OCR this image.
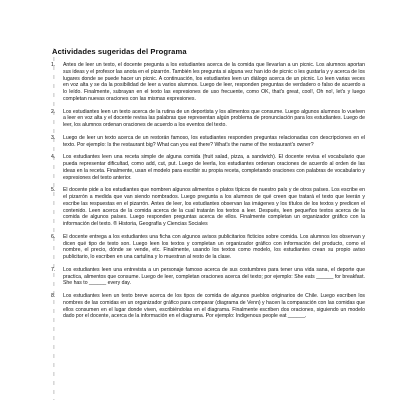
Actividades sugeridas del Programa
1. Antes de leer un texto, el docente pregunta a los estudiantes acerca de la comida que llevarían a un picnic. Los alumnos aportan sus ideas y el profesor las anota en el pizarrón. También les pregunta si alguna vez han ido de picnic o les gustaría y y acerca de los lugares donde se puede hacer un picnic. A continuación, los estudiantes leen un diálogo acerca de un picnic. Lo leen varias veces en voz alta y se da la posibilidad de leer a varios alumnos. Luego de leer, responden preguntas de verdadero o falso de acuerdo a lo leído. Finalmente, subrayan en el texto las expresiones de uso frecuente, como OK, that's great, cool!, Oh no!, let's y luego completan nuevas oraciones con las mismas expresiones.
2. Los estudiantes leen un texto acerca de la rutina de un deportista y los alimentos que consume. Luego algunos alumnos lo vuelven a leer en voz alta y el docente revisa las palabras que representan algún problema de pronunciación para los estudiantes. Luego de leer, los alumnos ordenan oraciones de acuerdo a los eventos del texto.
3. Luego de leer un texto acerca de un restorán famoso, los estudiantes responden preguntas relacionadas con descripciones en el texto. Por ejemplo: Is the restaurant big? What can you eat there? What's the name of the restaurant's owner?
4. Los estudiantes leen una receta simple de alguna comida (fruit salad, pizza, a sandwich). El docente revisa el vocabulario que pueda representar dificultad, como add, cut, put. Luego de leerla, los estudiantes ordenan oraciones de acuerdo al orden de las ideas en la receta. Finalmente, usan el modelo para escribir su propia receta, completando oraciones con palabras de vocabulario y expresiones del texto anterior.
5. El docente pide a los estudiantes que nombren algunos alimentos o platos típicos de nuestro país y de otros países. Los escribe en el pizarrón a medida que van siendo nombrados. Luego pregunta a los alumnos de qué creen que tratará el texto que leerán y escribe las respuestas en el pizarrón. Antes de leer, los estudiantes observan las imágenes y los títulos de los textos y predicen el contenido. Leen acerca de la comida acerca de la cual tratarán los textos a leer. Después, leen pequeños textos acerca de la comida de algunos países. Luego responden preguntas acerca de ellos. Finalmente completan un organizador gráfico con la información del texto. ® Historia, Geografía y Ciencias Sociales
6. El docente entrega a los estudiantes una ficha con algunos avisos publicitarios ficticios sobre comida. Los alumnos los observan y dicen qué tipo de texto son. Luego leen los textos y completan un organizador gráfico con información del producto, como el nombre, el precio, dónde se vende, etc. Finalmente, usando los textos como modelo, los estudiantes crean su propio aviso publicitario, lo escriben en una cartulina y lo muestran al resto de la clase.
7. Los estudiantes leen una entrevista a un personaje famoso acerca de sus costumbres para tener una vida sana, el deporte que practica, alimentos que consume. Luego de leer, completan oraciones acerca del texto; por ejemplo: She eats ______ for breakfast. She has to ______ every day.
8. Los estudiantes leen un texto breve acerca de los tipos de comida de algunos pueblos originarios de Chile. Luego escriben los nombres de las comidas en un organizador gráfico para comparar (diagrama de Venn) y hacen la comparación con las comidas que ellos consumen en el lugar donde viven, escribiéndolas en el diagrama. Finalmente escriben dos oraciones, siguiendo un modelo dado por el docente, acerca de la información en el diagrama. Por ejemplo: Indigenous people eat ______.
